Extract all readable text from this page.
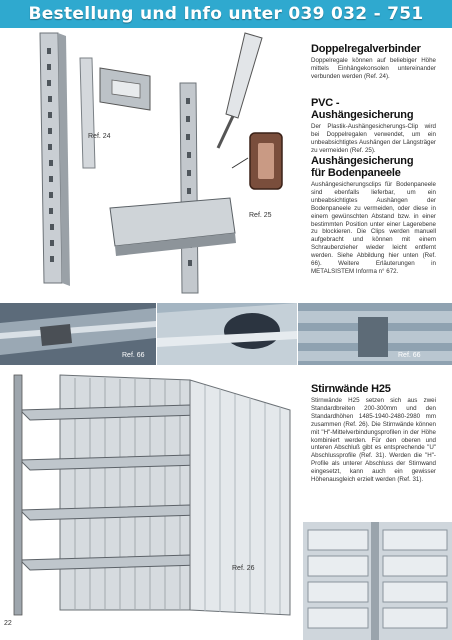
Bestellung und Info unter 039 032 - 751
Ref. 24
Ref. 25
Doppelregalverbinder

Doppelregale können auf beliebiger Höhe mittels Einhängekonsolen untereinander verbunden werden (Ref. 24).

PVC - Aushängesicherung

Der Plastik-Aushängesicherungs-Clip wird bei Doppelregalen verwendet, um ein unbeabsichtigtes Aushängen der Längsträger zu vermeiden (Ref. 25).

Aushängesicherung
für Bodenpaneele

Aushängesicherungsclips für Bodenpaneele sind ebenfalls lieferbar, um ein unbeabsichtigtes Aushängen der Bodenpaneele zu vermeiden, oder diese in einem gewünschten Abstand bzw. in einer bestimmten Position unter einer Lagerebene zu blockieren. Die Clips werden manuell aufgebracht und können mit einem Schraubenzieher wieder leicht entfernt werden. Siehe Abbildung hier unten (Ref. 66). Weitere Erläuterungen in METALSISTEM Informa n° 672.

Ref. 66	Ref. 66
Ref. 26
Stirnwände H25

Stirnwände H25 setzen sich aus zwei Standardbreiten 200-300mm und den Standardhöhen 1485-1940-2480-2980 mm zusammen (Ref. 26). Die Stirnwände können mit "H"-Mittelverbindungsprofilen in der Höhe kombiniert werden. Für den oberen und unteren Abschluß gibt es entsprechende "U" Abschlussprofile (Ref. 31). Werden die "H"-Profile als unterer Abschluss der Stirnwand eingesetzt, kann auch ein gewisser Höhenausgleich erzielt werden (Ref. 31).

22
